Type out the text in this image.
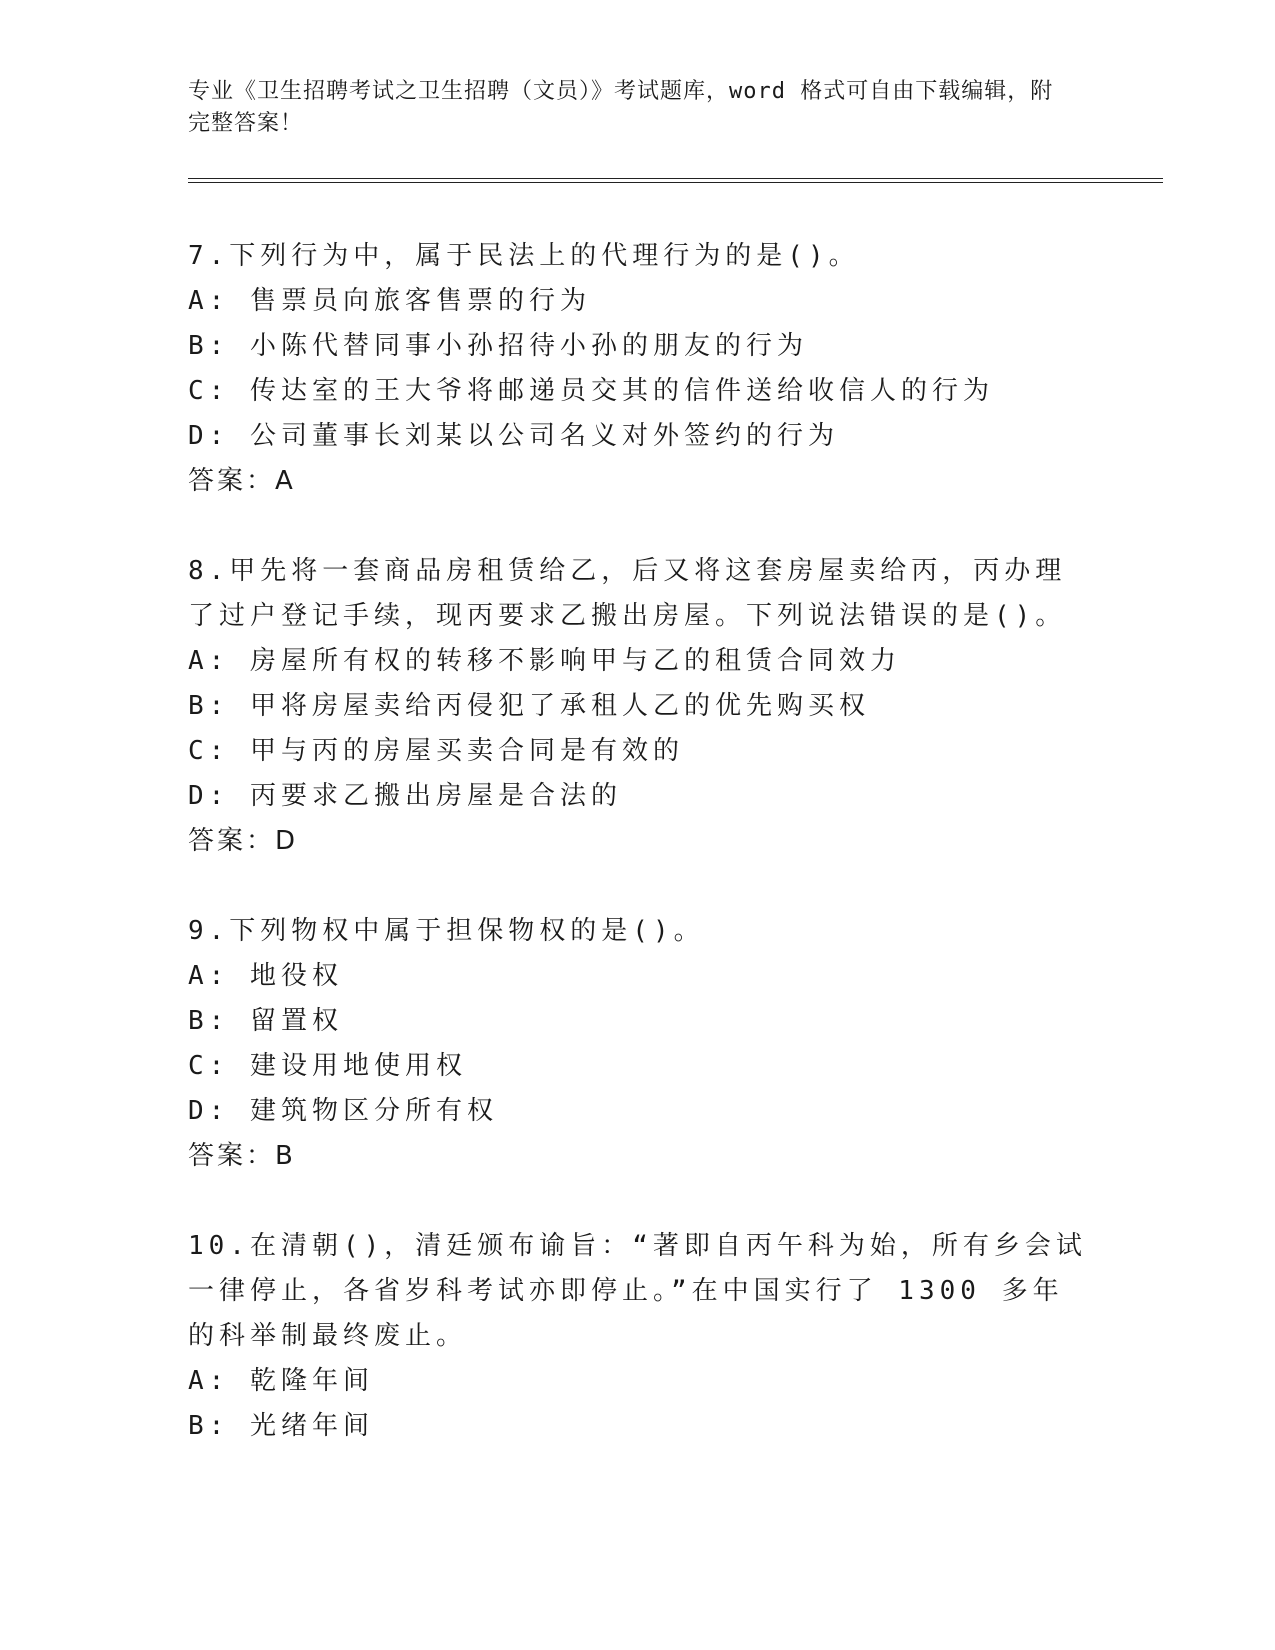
专业《卫生招聘考试之卫生招聘（文员）》考试题库，word 格式可自由下载编辑，附完整答案！
7.下列行为中，属于民法上的代理行为的是()。
A: 售票员向旅客售票的行为
B: 小陈代替同事小孙招待小孙的朋友的行为
C: 传达室的王大爷将邮递员交其的信件送给收信人的行为
D: 公司董事长刘某以公司名义对外签约的行为
答案：A
8.甲先将一套商品房租赁给乙，后又将这套房屋卖给丙，丙办理了过户登记手续，现丙要求乙搬出房屋。下列说法错误的是()。
A: 房屋所有权的转移不影响甲与乙的租赁合同效力
B: 甲将房屋卖给丙侵犯了承租人乙的优先购买权
C: 甲与丙的房屋买卖合同是有效的
D: 丙要求乙搬出房屋是合法的
答案：D
9.下列物权中属于担保物权的是()。
A: 地役权
B: 留置权
C: 建设用地使用权
D: 建筑物区分所有权
答案：B
10.在清朝()，清廷颁布谕旨：“著即自丙午科为始，所有乡会试一律停止，各省岁科考试亦即停止。”在中国实行了 1300 多年的科举制最终废止。
A: 乾隆年间
B: 光绪年间
